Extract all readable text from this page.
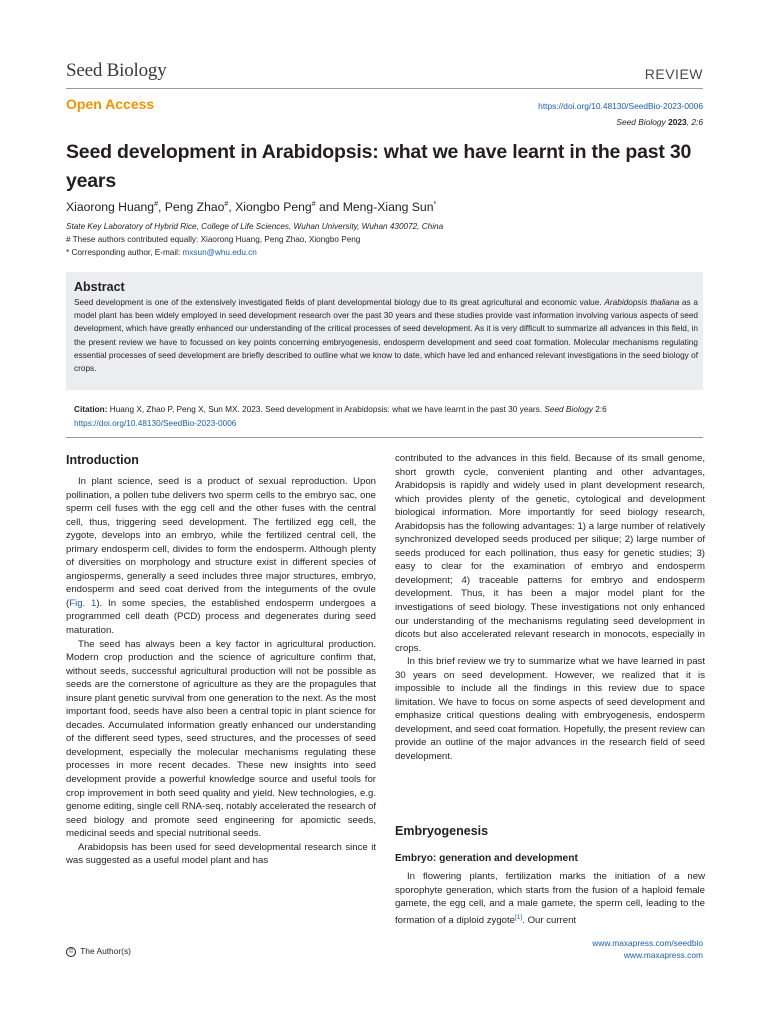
Seed Biology	REVIEW
Open Access	https://doi.org/10.48130/SeedBio-2023-0006
Seed Biology 2023, 2:6
Seed development in Arabidopsis: what we have learnt in the past 30 years
Xiaorong Huang#, Peng Zhao#, Xiongbo Peng# and Meng-Xiang Sun*
State Key Laboratory of Hybrid Rice, College of Life Sciences, Wuhan University, Wuhan 430072, China
# These authors contributed equally: Xiaorong Huang, Peng Zhao, Xiongbo Peng
* Corresponding author, E-mail: mxsun@whu.edu.cn
Abstract
Seed development is one of the extensively investigated fields of plant developmental biology due to its great agricultural and economic value. Arabidopsis thaliana as a model plant has been widely employed in seed development research over the past 30 years and these studies provide vast information involving various aspects of seed development, which have greatly enhanced our understanding of the critical processes of seed development. As it is very difficult to summarize all advances in this field, in the present review we have to focussed on key points concerning embryogenesis, endosperm development and seed coat formation. Molecular mechanisms regulating essential processes of seed development are briefly described to outline what we know to date, which have led and enhanced relevant investigations in the seed biology of crops.
Citation: Huang X, Zhao P, Peng X, Sun MX. 2023. Seed development in Arabidopsis: what we have learnt in the past 30 years. Seed Biology 2:6 https://doi.org/10.48130/SeedBio-2023-0006
Introduction

In plant science, seed is a product of sexual reproduction. Upon pollination, a pollen tube delivers two sperm cells to the embryo sac, one sperm cell fuses with the egg cell and the other fuses with the central cell, thus, triggering seed development. The fertilized egg cell, the zygote, develops into an embryo, while the fertilized central cell, the primary endosperm cell, divides to form the endosperm. Although plenty of diversities on morphology and structure exist in different species of angiosperms, generally a seed includes three major structures, embryo, endosperm and seed coat derived from the integuments of the ovule (Fig. 1). In some species, the established endosperm undergoes a programmed cell death (PCD) process and degenerates during seed maturation.

The seed has always been a key factor in agricultural production. Modern crop production and the science of agriculture confirm that, without seeds, successful agricultural production will not be possible as seeds are the cornerstone of agriculture as they are the propagules that insure plant genetic survival from one generation to the next. As the most important food, seeds have also been a central topic in plant science for decades. Accumulated information greatly enhanced our understanding of the different seed types, seed structures, and the processes of seed development, especially the molecular mechanisms regulating these processes in more recent decades. These new insights into seed development provide a powerful knowledge source and useful tools for crop improvement in both seed quality and yield. New technologies, e.g. genome editing, single cell RNA-seq, notably accelerated the research of seed biology and promote seed engineering for apomictic seeds, medicinal seeds and special nutritional seeds.

Arabidopsis has been used for seed developmental research since it was suggested as a useful model plant and has

contributed to the advances in this field. Because of its small genome, short growth cycle, convenient planting and other advantages, Arabidopsis is rapidly and widely used in plant development research, which provides plenty of the genetic, cytological and development biological information. More importantly for seed biology research, Arabidopsis has the following advantages: 1) a large number of relatively synchronized developed seeds produced per silique; 2) large number of seeds produced for each pollination, thus easy for genetic studies; 3) easy to clear for the examination of embryo and endosperm development; 4) traceable patterns for embryo and endosperm development. Thus, it has been a major model plant for the investigations of seed biology. These investigations not only enhanced our understanding of the mechanisms regulating seed development in dicots but also accelerated relevant research in monocots, especially in crops.

In this brief review we try to summarize what we have learned in past 30 years on seed development. However, we realized that it is impossible to include all the findings in this review due to space limitation. We have to focus on some aspects of seed development and emphasize critical questions dealing with embryogenesis, endosperm development, and seed coat formation. Hopefully, the present review can provide an outline of the major advances in the research field of seed development.

Embryogenesis
Embryo: generation and development

In flowering plants, fertilization marks the initiation of a new sporophyte generation, which starts from the fusion of a haploid female gamete, the egg cell, and a male gamete, the sperm cell, leading to the formation of a diploid zygote[1]. Our current

© The Author(s)
www.maxapress.com/seedbio
www.maxapress.com
